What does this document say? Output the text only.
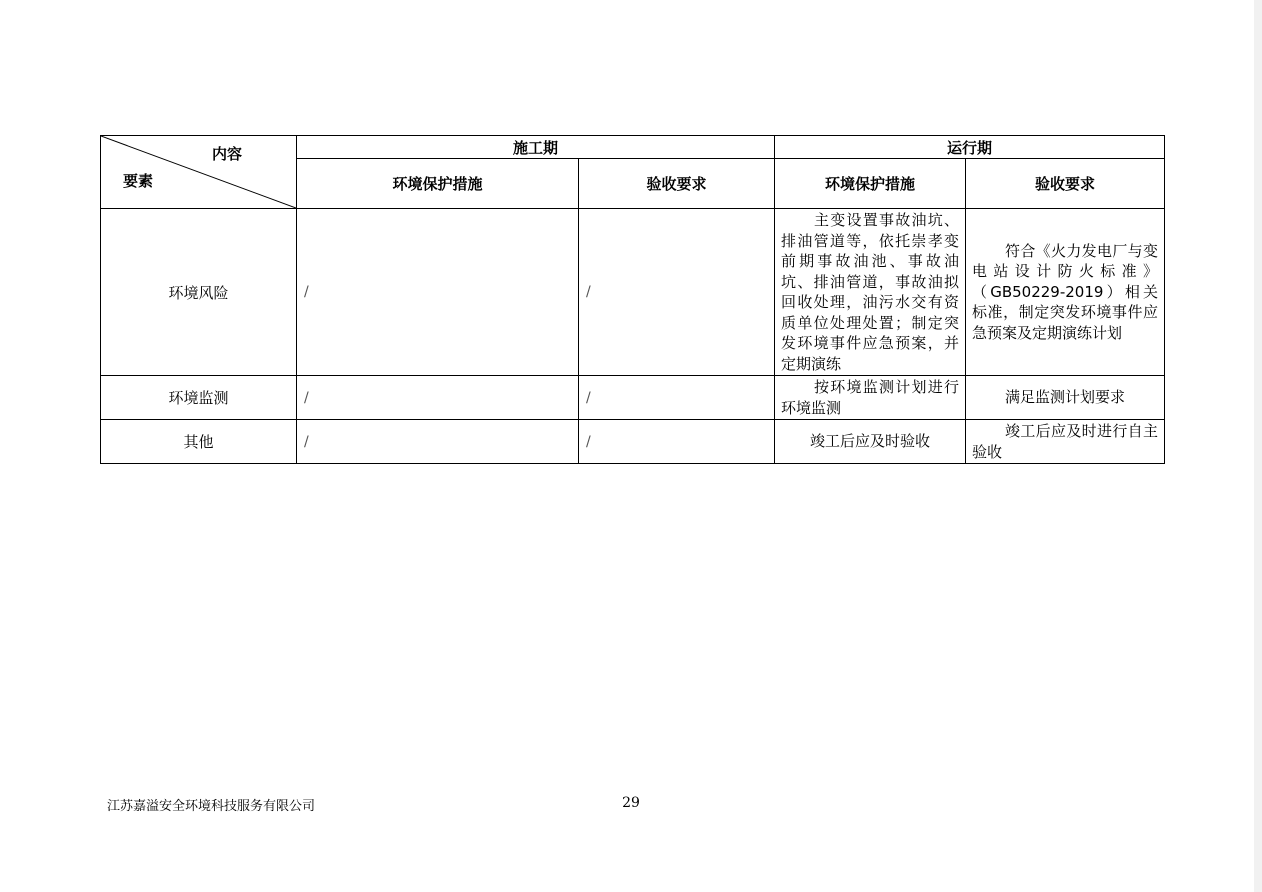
内容
要素	施工期		运行期	
	环境保护措施	验收要求	环境保护措施	验收要求
环境风险	/	/	主变设置事故油坑、排油管道等，依托崇孝变前期事故油池、事故油坑、排油管道，事故油拟回收处理，油污水交有资质单位处理处置；制定突发环境事件应急预案，并定期演练	符合《火力发电厂与变电站设计防火标准》（GB50229-2019）相关标准，制定突发环境事件应急预案及定期演练计划
环境监测	/	/	按环境监测计划进行环境监测	满足监测计划要求
其他	/	/	竣工后应及时验收	竣工后应及时进行自主验收
江苏嘉溢安全环境科技服务有限公司	29
